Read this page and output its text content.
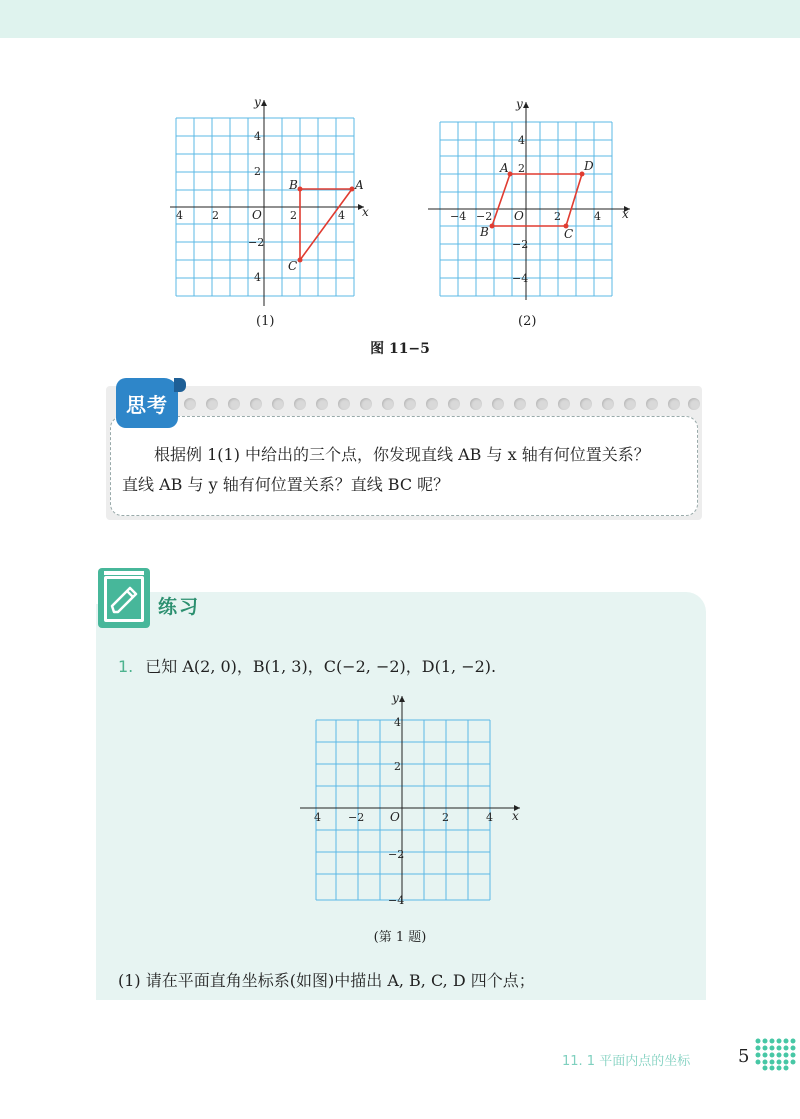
x
y
O
4	2	2	4
4
2
−2
4
A
B
C
(1)
x
y
O
−4 −2	2	4
4
2
−2
−4
A
B	C
D
(2)
图 11−5
思考
根据例 1(1) 中给出的三个点，你发现直线 AB 与 x 轴有何位置关系？
直线 AB 与 y 轴有何位置关系？直线 BC 呢？
练习
1. 已知 A(2, 0)，B(1, 3)，C(−2, −2)，D(1, −2).
x
y
O
4 −2	2	4
4
2
−2
−4
(第 1 题)
(1) 请在平面直角坐标系(如图)中描出 A, B, C, D 四个点；
11. 1 平面内点的坐标	5
